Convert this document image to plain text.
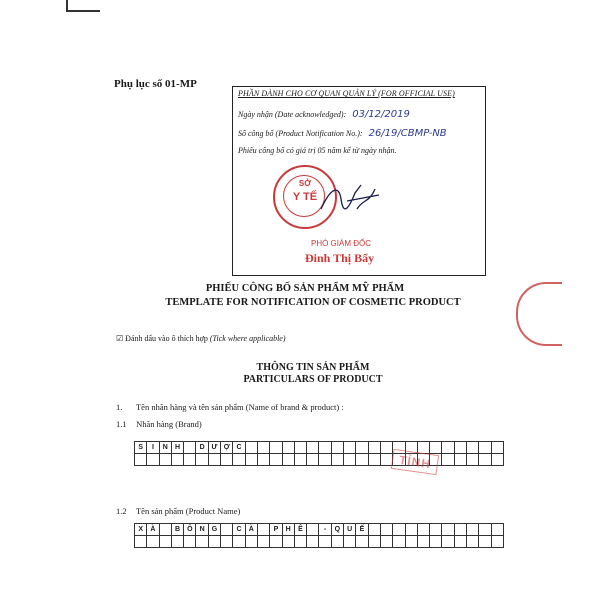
Phụ lục số 01-MP
PHẦN DÀNH CHO CƠ QUAN QUẢN LÝ (FOR OFFICIAL USE)
Ngày nhận (Date acknowledged): 03/12/2019
Số công bố (Product Notification No.): 26/19/CBMP-NB
Phiếu công bố có giá trị 05 năm kể từ ngày nhận.
SỞ
Y TẾ
PHÓ GIÁM ĐỐC
Đinh Thị Bẩy
PHIẾU CÔNG BỐ SẢN PHẨM MỸ PHẨM
TEMPLATE FOR NOTIFICATION OF COSMETIC PRODUCT
☑ Đánh dấu vào ô thích hợp (Tick where applicable)
THÔNG TIN SẢN PHẨM
PARTICULARS OF PRODUCT
1. Tên nhãn hàng và tên sản phẩm (Name of brand & product) :
1.1 Nhãn hàng (Brand)
S	I	N	H		D	Ư	Ợ	C																					

1.2 Tên sản phẩm (Product Name)
X	À		B	Ô	N	G		C	À		P	H	Ê		-	Q	U	Ế											

TỈNH
